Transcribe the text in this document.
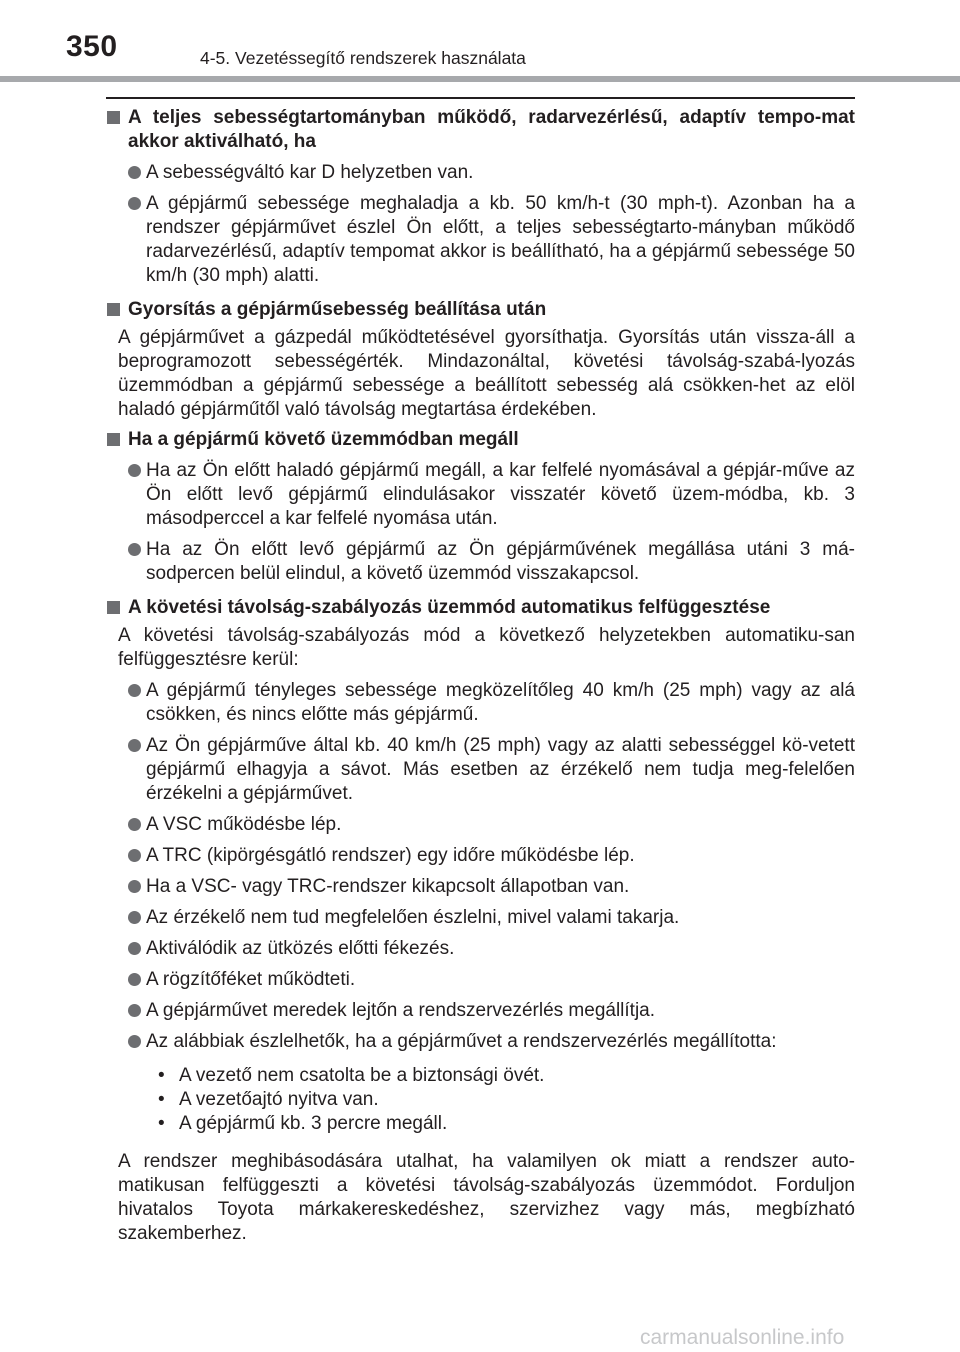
350	4-5. Vezetéssegítő rendszerek használata
A teljes sebességtartományban működő, radarvezérlésű, adaptív tempo-mat akkor aktiválható, ha
A sebességváltó kar D helyzetben van.
A gépjármű sebessége meghaladja a kb. 50 km/h-t (30 mph-t). Azonban ha a rendszer gépjárművet észlel Ön előtt, a teljes sebességtarto-mányban működő radarvezérlésű, adaptív tempomat akkor is beállítható, ha a gépjármű sebessége 50 km/h (30 mph) alatti.
Gyorsítás a gépjárműsebesség beállítása után
A gépjárművet a gázpedál működtetésével gyorsíthatja. Gyorsítás után vissza-áll a beprogramozott sebességérték. Mindazonáltal, követési távolság-szabá-lyozás üzemmódban a gépjármű sebessége a beállított sebesség alá csökken-het az elöl haladó gépjárműtől való távolság megtartása érdekében.
Ha a gépjármű követő üzemmódban megáll
Ha az Ön előtt haladó gépjármű megáll, a kar felfelé nyomásával a gépjár-műve az Ön előtt levő gépjármű elindulásakor visszatér követő üzem-módba, kb. 3 másodperccel a kar felfelé nyomása után.
Ha az Ön előtt levő gépjármű az Ön gépjárművének megállása utáni 3 má-sodpercen belül elindul, a követő üzemmód visszakapcsol.
A követési távolság-szabályozás üzemmód automatikus felfüggesztése
A követési távolság-szabályozás mód a következő helyzetekben automatiku-san felfüggesztésre kerül:
A gépjármű tényleges sebessége megközelítőleg 40 km/h (25 mph) vagy az alá csökken, és nincs előtte más gépjármű.
Az Ön gépjárműve által kb. 40 km/h (25 mph) vagy az alatti sebességgel kö-vetett gépjármű elhagyja a sávot. Más esetben az érzékelő nem tudja meg-felelően érzékelni a gépjárművet.
A VSC működésbe lép.
A TRC (kipörgésgátló rendszer) egy időre működésbe lép.
Ha a VSC- vagy TRC-rendszer kikapcsolt állapotban van.
Az érzékelő nem tud megfelelően észlelni, mivel valami takarja.
Aktiválódik az ütközés előtti fékezés.
A rögzítőféket működteti.
A gépjárművet meredek lejtőn a rendszervezérlés megállítja.
Az alábbiak észlelhetők, ha a gépjárművet a rendszervezérlés megállította:
• A vezető nem csatolta be a biztonsági övét.
• A vezetőajtó nyitva van.
• A gépjármű kb. 3 percre megáll.
A rendszer meghibásodására utalhat, ha valamilyen ok miatt a rendszer auto-matikusan felfüggeszti a követési távolság-szabályozás üzemmódot. Forduljon hivatalos Toyota márkakereskedéshez, szervizhez vagy más, megbízható szakemberhez.
carmanualsonline.info
